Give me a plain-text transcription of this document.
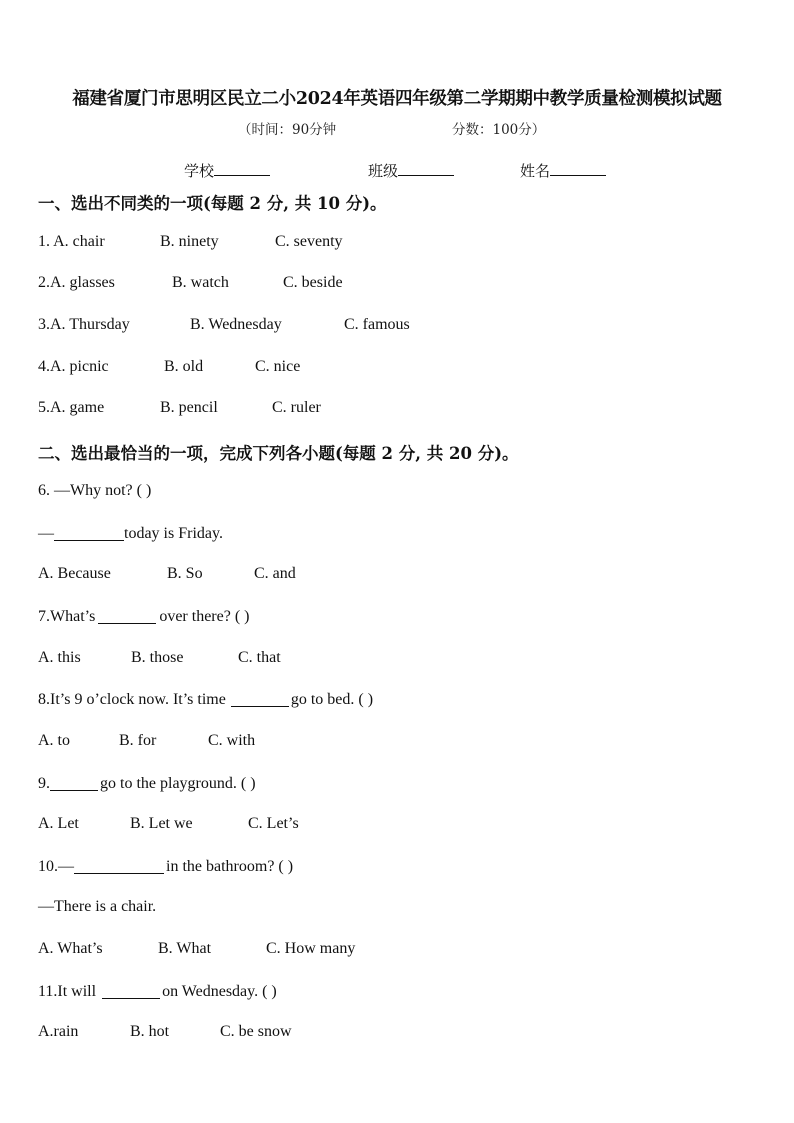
福建省厦门市思明区民立二小2024年英语四年级第二学期期中教学质量检测模拟试题
（时间：90分钟	分数：100分）
学校	班级	姓名
一、选出不同类的一项(每题 2 分, 共 10 分)。
1. A. chair	B. ninety	C. seventy
2.A. glasses	B. watch	C. beside
3.A. Thursday	B. Wednesday	C. famous
4.A. picnic	B. old	C. nice
5.A. game	B. pencil	C. ruler
二、选出最恰当的一项，完成下列各小题(每题 2 分, 共 20 分)。
6. —Why not? ( )
—	today is Friday.
A. Because	B. So	C. and
7.What’s	over there? ( )
A. this	B. those	C. that
8.It’s 9 o’clock now. It’s time	go to bed. ( )
A. to	B. for	C. with
9.	go to the playground. ( )
A. Let	B. Let we	C. Let’s
10.—	in the bathroom? ( )
—There is a chair.
A. What’s	B. What	C. How many
11.It will	on Wednesday. ( )
A.rain	B. hot	C. be snow
